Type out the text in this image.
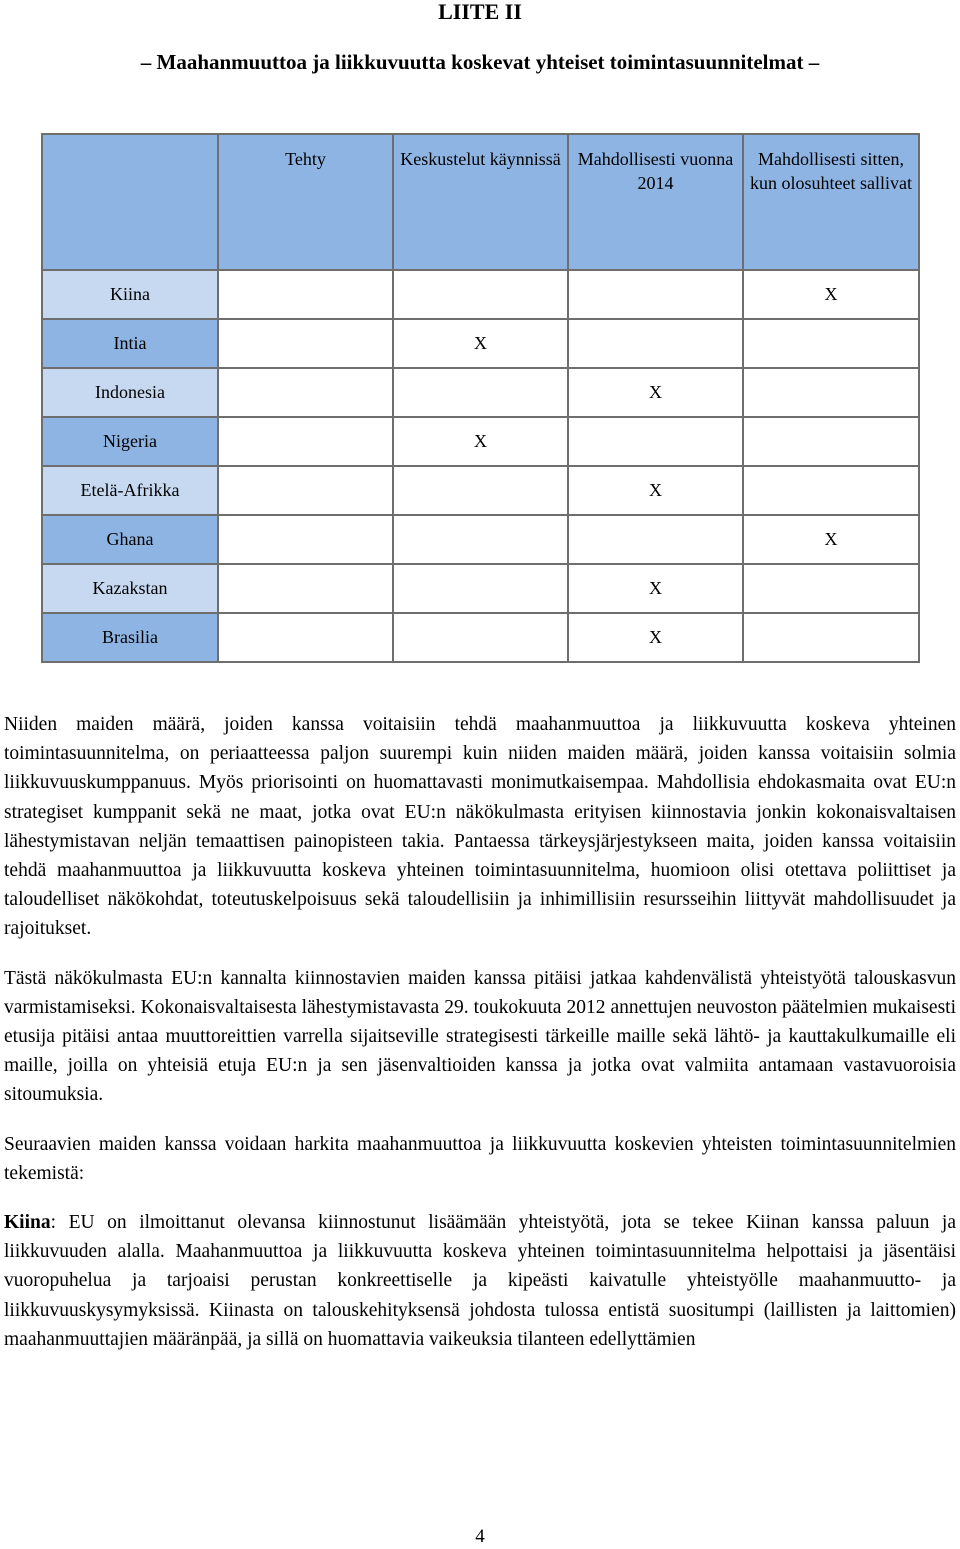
LIITE II
– Maahanmuuttoa ja liikkuvuutta koskevat yhteiset toimintasuunnitelmat –
	Tehty	Keskustelut käynnissä	Mahdollisesti vuonna 2014	Mahdollisesti sitten, kun olosuhteet sallivat
Kiina				X
Intia		X		
Indonesia			X	
Nigeria		X		
Etelä-Afrikka			X	
Ghana				X
Kazakstan			X	
Brasilia			X	

Niiden maiden määrä, joiden kanssa voitaisiin tehdä maahanmuuttoa ja liikkuvuutta koskeva yhteinen toimintasuunnitelma, on periaatteessa paljon suurempi kuin niiden maiden määrä, joiden kanssa voitaisiin solmia liikkuvuuskumppanuus. Myös priorisointi on huomattavasti monimutkaisempaa. Mahdollisia ehdokasmaita ovat EU:n strategiset kumppanit sekä ne maat, jotka ovat EU:n näkökulmasta erityisen kiinnostavia jonkin kokonaisvaltaisen lähestymistavan neljän temaattisen painopisteen takia. Pantaessa tärkeysjärjestykseen maita, joiden kanssa voitaisiin tehdä maahanmuuttoa ja liikkuvuutta koskeva yhteinen toimintasuunnitelma, huomioon olisi otettava poliittiset ja taloudelliset näkökohdat, toteutuskelpoisuus sekä taloudellisiin ja inhimillisiin resursseihin liittyvät mahdollisuudet ja rajoitukset.

Tästä näkökulmasta EU:n kannalta kiinnostavien maiden kanssa pitäisi jatkaa kahdenvälistä yhteistyötä talouskasvun varmistamiseksi. Kokonaisvaltaisesta lähestymistavasta 29. toukokuuta 2012 annettujen neuvoston päätelmien mukaisesti etusija pitäisi antaa muuttoreittien varrella sijaitseville strategisesti tärkeille maille sekä lähtö- ja kauttakulkumaille eli maille, joilla on yhteisiä etuja EU:n ja sen jäsenvaltioiden kanssa ja jotka ovat valmiita antamaan vastavuoroisia sitoumuksia.

Seuraavien maiden kanssa voidaan harkita maahanmuuttoa ja liikkuvuutta koskevien yhteisten toimintasuunnitelmien tekemistä:

Kiina: EU on ilmoittanut olevansa kiinnostunut lisäämään yhteistyötä, jota se tekee Kiinan kanssa paluun ja liikkuvuuden alalla. Maahanmuuttoa ja liikkuvuutta koskeva yhteinen toimintasuunnitelma helpottaisi ja jäsentäisi vuoropuhelua ja tarjoaisi perustan konkreettiselle ja kipeästi kaivatulle yhteistyölle maahanmuutto- ja liikkuvuuskysymyksissä. Kiinasta on talouskehityksensä johdosta tulossa entistä suositumpi (laillisten ja laittomien) maahanmuuttajien määränpää, ja sillä on huomattavia vaikeuksia tilanteen edellyttämien

4
